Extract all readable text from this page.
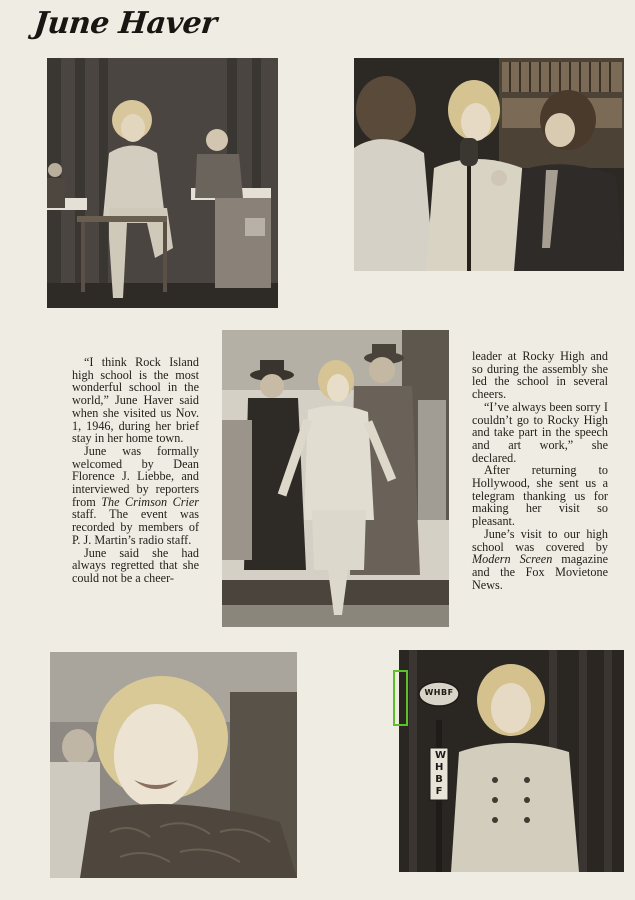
June Haver
WHBF
WHBF

“I think Rock Island high school is the most wonderful school in the world,” June Haver said when she visited us Nov. 1, 1946, during her brief stay in her home town.

June was formally welcomed by Dean Florence J. Liebbe, and interviewed by reporters from The Crimson Crier staff. The event was recorded by members of P. J. Martin’s radio staff.

June said she had always regretted that she could not be a cheer-

leader at Rocky High and so during the assembly she led the school in several cheers.

“I’ve always been sorry I couldn’t go to Rocky High and take part in the speech and art work,” she declared.

After returning to Hollywood, she sent us a telegram thanking us for making her visit so pleasant.

June’s visit to our high school was covered by Modern Screen magazine and the Fox Movietone News.
